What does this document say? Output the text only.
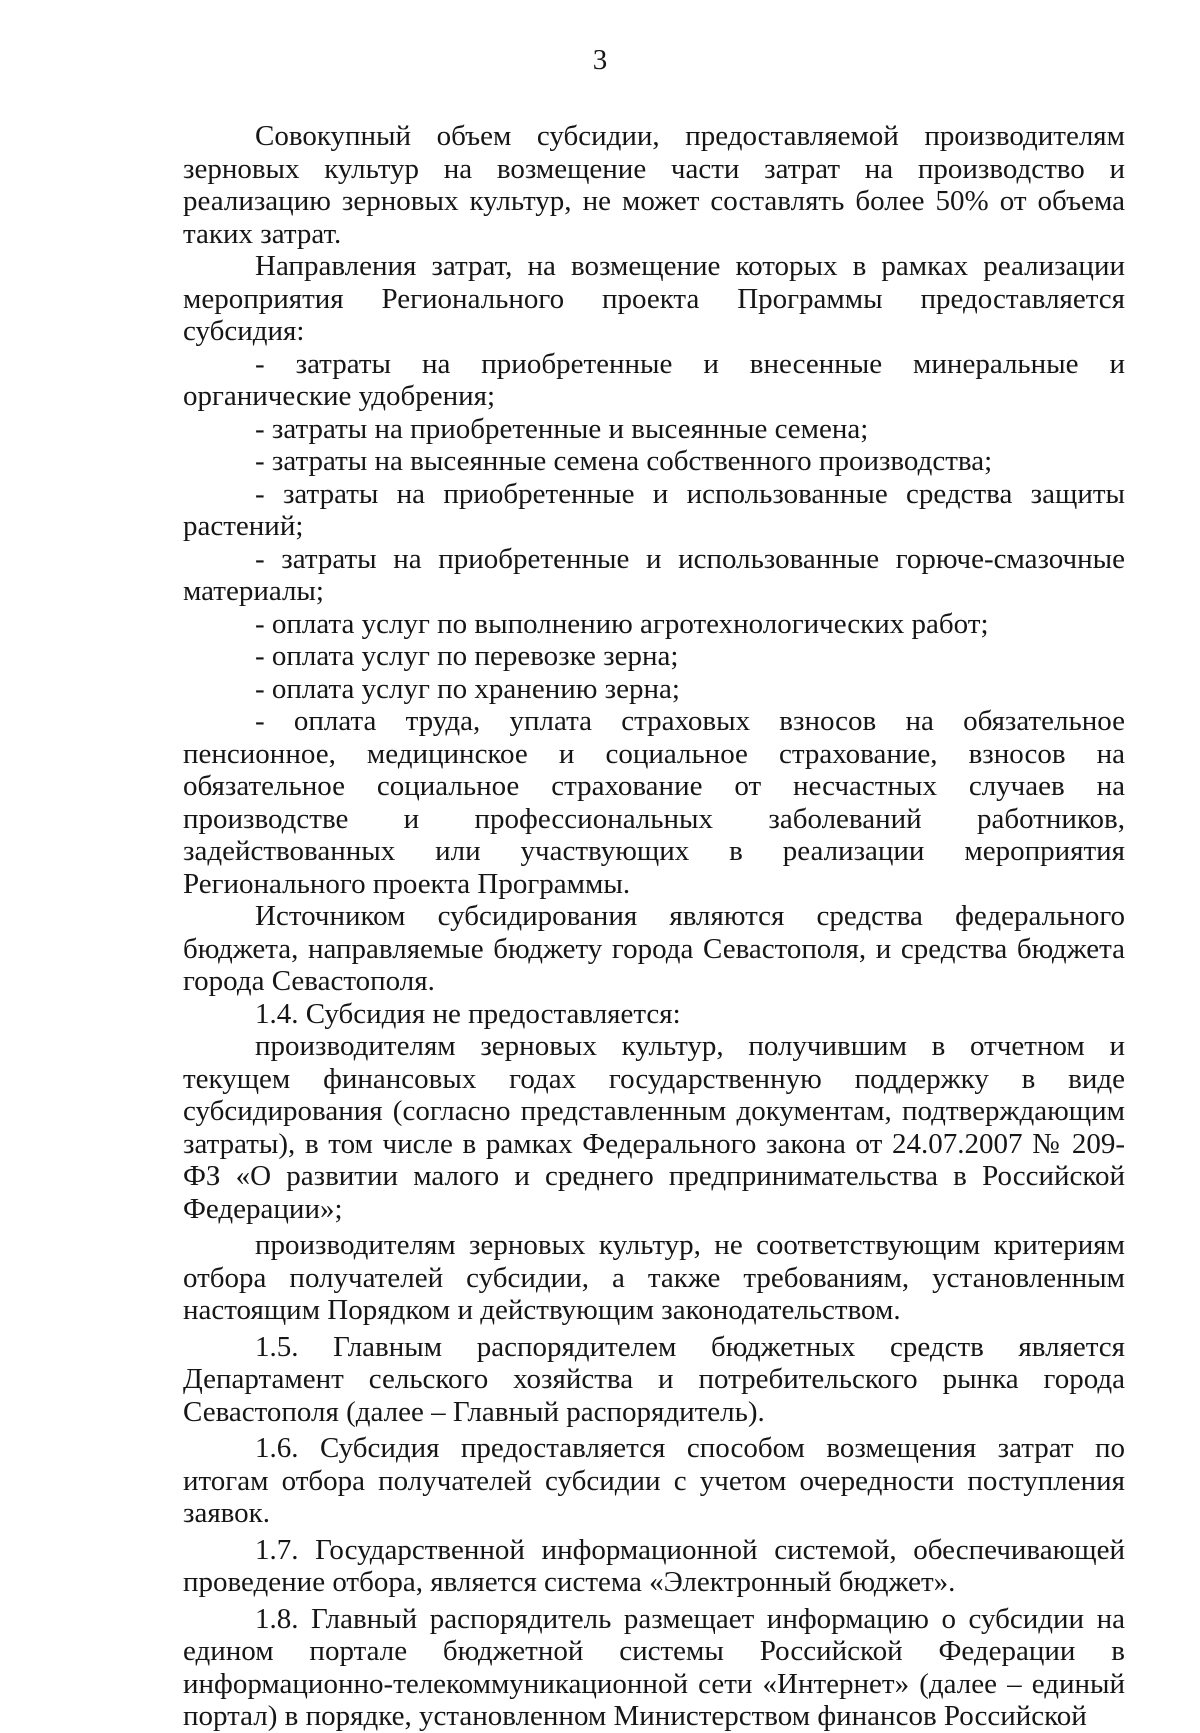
3

Совокупный объем субсидии, предоставляемой производителям зерновых культур на возмещение части затрат на производство и реализацию зерновых культур, не может составлять более 50% от объема таких затрат.

Направления затрат, на возмещение которых в рамках реализации мероприятия Регионального проекта Программы предоставляется субсидия:

- затраты на приобретенные и внесенные минеральные и органические удобрения;

- затраты на приобретенные и высеянные семена;

- затраты на высеянные семена собственного производства;

- затраты на приобретенные и использованные средства защиты растений;

- затраты на приобретенные и использованные горюче-смазочные материалы;

- оплата услуг по выполнению агротехнологических работ;

- оплата услуг по перевозке зерна;

- оплата услуг по хранению зерна;

- оплата труда, уплата страховых взносов на обязательное пенсионное, медицинское и социальное страхование, взносов на обязательное социальное страхование от несчастных случаев на производстве и профессиональных заболеваний работников, задействованных или участвующих в реализации мероприятия Регионального проекта Программы.

Источником субсидирования являются средства федерального бюджета, направляемые бюджету города Севастополя, и средства бюджета города Севастополя.

1.4. Субсидия не предоставляется:

производителям зерновых культур, получившим в отчетном и текущем финансовых годах государственную поддержку в виде субсидирования (согласно представленным документам, подтверждающим затраты), в том числе в рамках Федерального закона от 24.07.2007 № 209-ФЗ «О развитии малого и среднего предпринимательства в Российской Федерации»;

производителям зерновых культур, не соответствующим критериям отбора получателей субсидии, а также требованиям, установленным настоящим Порядком и действующим законодательством.

1.5. Главным распорядителем бюджетных средств является Департамент сельского хозяйства и потребительского рынка города Севастополя (далее – Главный распорядитель).

1.6. Субсидия предоставляется способом возмещения затрат по итогам отбора получателей субсидии с учетом очередности поступления заявок.

1.7. Государственной информационной системой, обеспечивающей проведение отбора, является система «Электронный бюджет».

1.8. Главный распорядитель размещает информацию о субсидии на едином портале бюджетной системы Российской Федерации в информационно-телекоммуникационной сети «Интернет» (далее – единый портал) в порядке, установленном Министерством финансов Российской
